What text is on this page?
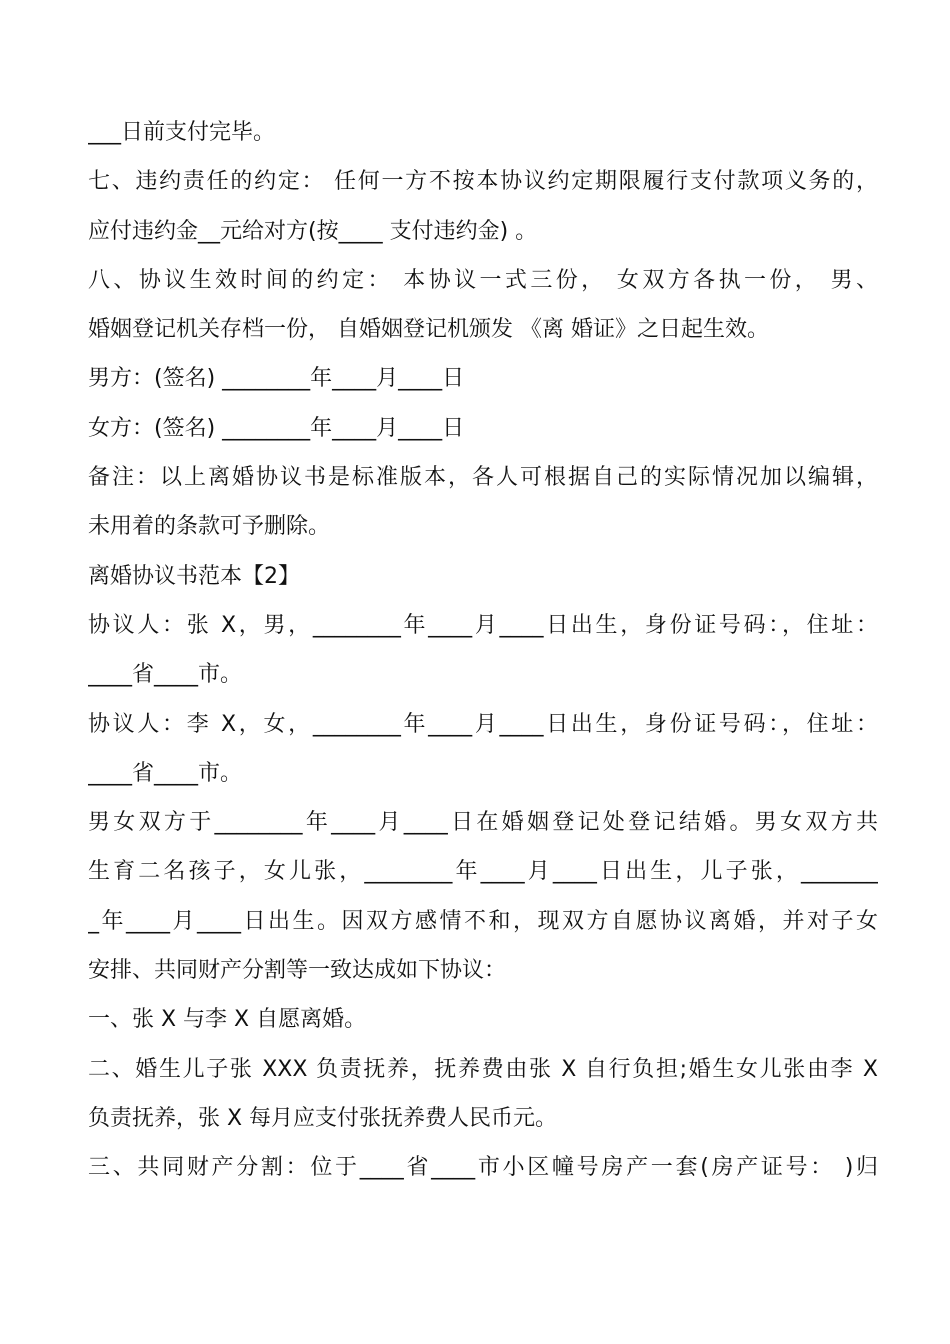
___日前支付完毕。
七、违约责任的约定： 任何一方不按本协议约定期限履行支付款项义务的，
应付违约金__元给对方(按____ 支付违约金) 。
八、协议生效时间的约定： 本协议一式三份， 女双方各执一份， 男、
婚姻登记机关存档一份， 自婚姻登记机颁发 《离 婚证》之日起生效。
男方：(签名) ________年____月____日
女方：(签名) ________年____月____日
备注：以上离婚协议书是标准版本，各人可根据自己的实际情况加以编辑，
未用着的条款可予删除。
离婚协议书范本【2】
协议人：张 X，男，________年____月____日出生，身份证号码：，住址：
____省____市。
协议人：李 X，女，________年____月____日出生，身份证号码：，住址：
____省____市。
男女双方于________年____月____日在婚姻登记处登记结婚。男女双方共
生育二名孩子，女儿张，________年____月____日出生，儿子张，_______
_年____月____日出生。因双方感情不和，现双方自愿协议离婚，并对子女
安排、共同财产分割等一致达成如下协议：
一、张 X 与李 X 自愿离婚。
二、婚生儿子张 XXX 负责抚养，抚养费由张 X 自行负担;婚生女儿张由李 X
负责抚养，张 X 每月应支付张抚养费人民币元。
三、共同财产分割：位于____省____市小区幢号房产一套(房产证号： )归
